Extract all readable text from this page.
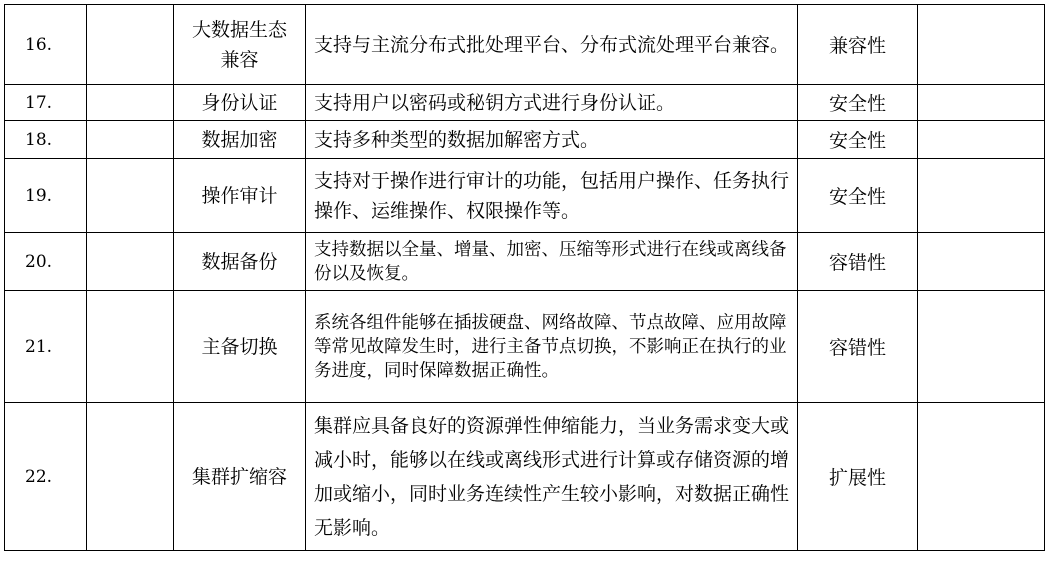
16.		大数据生态兼容	支持与主流分布式批处理平台、分布式流处理平台兼容。	兼容性	
17.		身份认证	支持用户以密码或秘钥方式进行身份认证。	安全性	
18.		数据加密	支持多种类型的数据加解密方式。	安全性	
19.		操作审计	支持对于操作进行审计的功能，包括用户操作、任务执行操作、运维操作、权限操作等。	安全性	
20.		数据备份	支持数据以全量、增量、加密、压缩等形式进行在线或离线备份以及恢复。	容错性	
21.		主备切换	系统各组件能够在插拔硬盘、网络故障、节点故障、应用故障等常见故障发生时，进行主备节点切换，不影响正在执行的业务进度，同时保障数据正确性。	容错性	
22.		集群扩缩容	集群应具备良好的资源弹性伸缩能力，当业务需求变大或减小时，能够以在线或离线形式进行计算或存储资源的增加或缩小，同时业务连续性产生较小影响，对数据正确性无影响。	扩展性	
